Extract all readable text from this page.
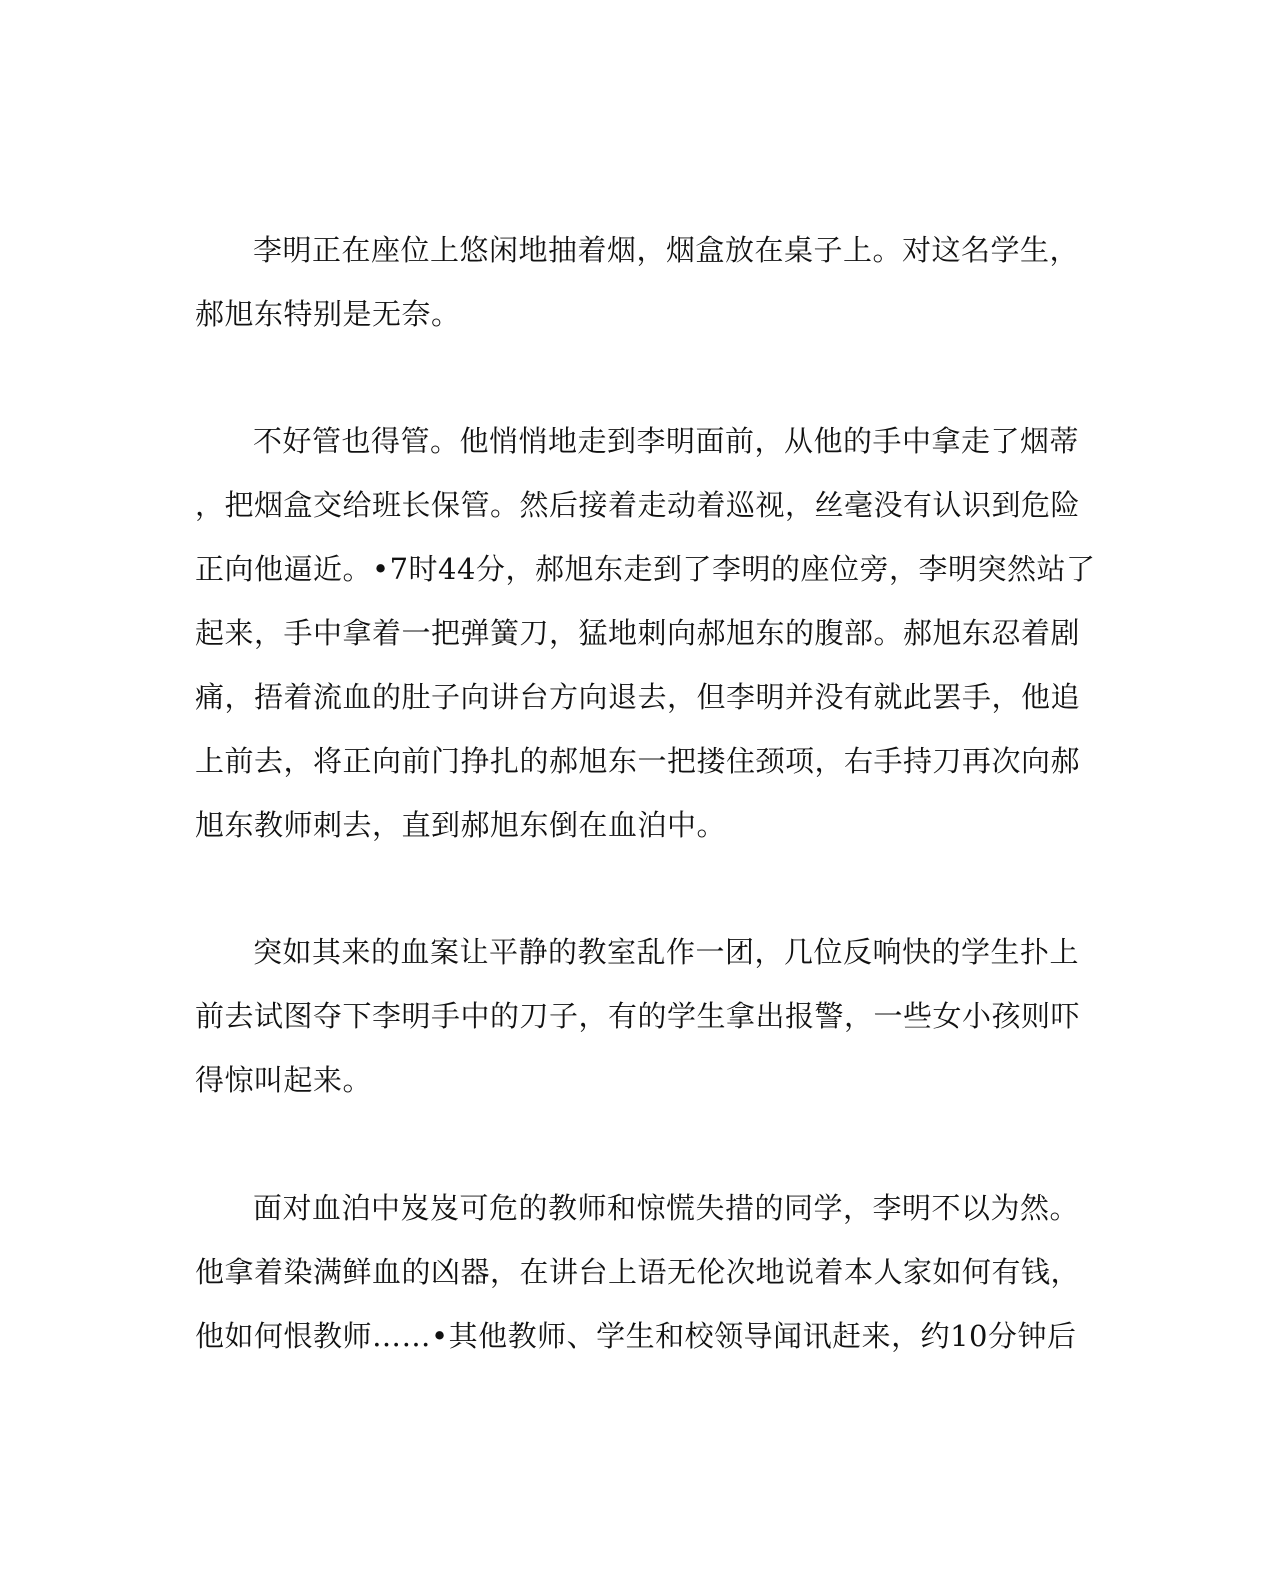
李明正在座位上悠闲地抽着烟，烟盒放在桌子上。对这名学生，
郝旭东特别是无奈。
不好管也得管。他悄悄地走到李明面前，从他的手中拿走了烟蒂
，把烟盒交给班长保管。然后接着走动着巡视，丝毫没有认识到危险
正向他逼近。•7时44分，郝旭东走到了李明的座位旁，李明突然站了
起来，手中拿着一把弹簧刀，猛地刺向郝旭东的腹部。郝旭东忍着剧
痛，捂着流血的肚子向讲台方向退去，但李明并没有就此罢手，他追
上前去，将正向前门挣扎的郝旭东一把搂住颈项，右手持刀再次向郝
旭东教师刺去，直到郝旭东倒在血泊中。
突如其来的血案让平静的教室乱作一团，几位反响快的学生扑上
前去试图夺下李明手中的刀子，有的学生拿出报警，一些女小孩则吓
得惊叫起来。
面对血泊中岌岌可危的教师和惊慌失措的同学，李明不以为然。
他拿着染满鲜血的凶器，在讲台上语无伦次地说着本人家如何有钱，
他如何恨教师……•其他教师、学生和校领导闻讯赶来，约10分钟后
